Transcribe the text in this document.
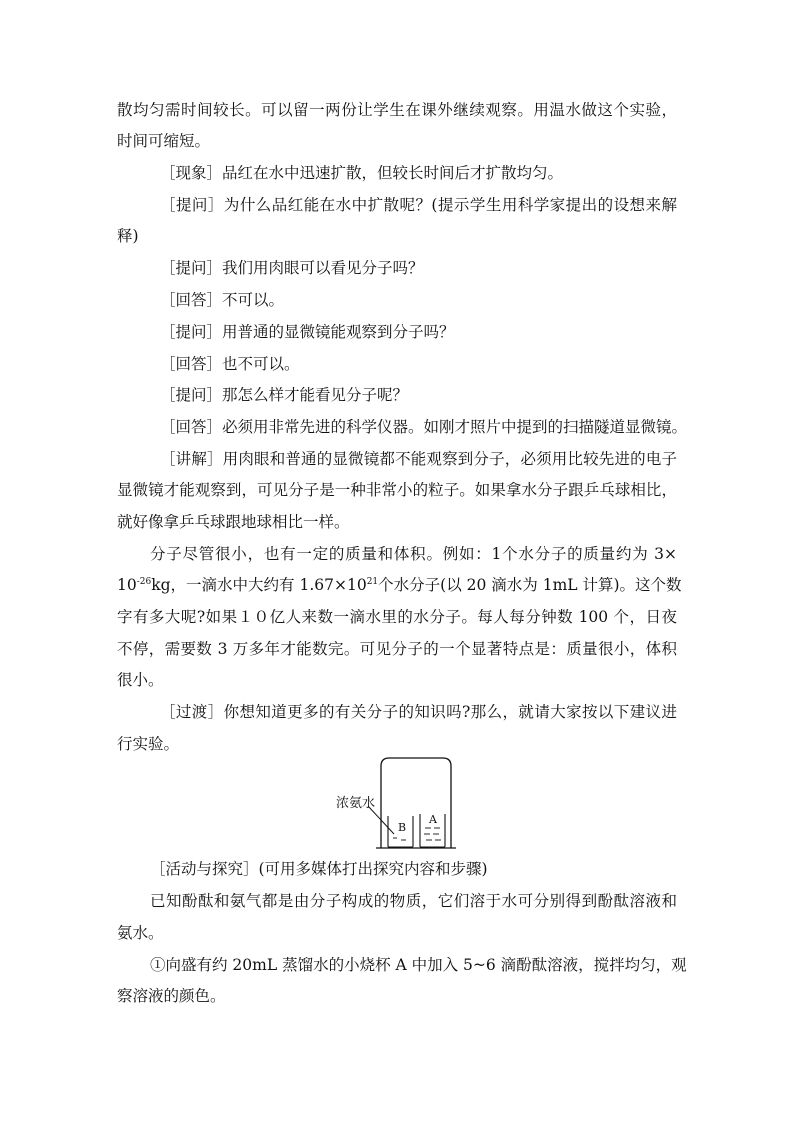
散均匀需时间较长。可以留一两份让学生在课外继续观察。用温水做这个实验，
时间可缩短。
［现象］品红在水中迅速扩散，但较长时间后才扩散均匀。
［提问］为什么品红能在水中扩散呢？(提示学生用科学家提出的设想来解
释)
［提问］我们用肉眼可以看见分子吗？
［回答］不可以。
［提问］用普通的显微镜能观察到分子吗？
［回答］也不可以。
［提问］那怎么样才能看见分子呢？
［回答］必须用非常先进的科学仪器。如刚才照片中提到的扫描隧道显微镜。
［讲解］用肉眼和普通的显微镜都不能观察到分子，必须用比较先进的电子
显微镜才能观察到，可见分子是一种非常小的粒子。如果拿水分子跟乒乓球相比，
就好像拿乒乓球跟地球相比一样。
分子尽管很小，也有一定的质量和体积。例如：1个水分子的质量约为 3×
$10^{-26}kg$，一滴水中大约有 $1.67\times 10^{21}$个水分子(以 20 滴水为 1mL 计算)。这个数
字有多大呢?如果１０亿人来数一滴水里的水分子。每人每分钟数 100 个，日夜
不停，需要数 3 万多年才能数完。可见分子的一个显著特点是：质量很小，体积
很小。
［过渡］你想知道更多的有关分子的知识吗?那么，就请大家按以下建议进
行实验。
浓氨水
B
A
［活动与探究］(可用多媒体打出探究内容和步骤)
已知酚酞和氨气都是由分子构成的物质，它们溶于水可分别得到酚酞溶液和
氨水。
①向盛有约 20mL 蒸馏水的小烧杯 A 中加入 5~6 滴酚酞溶液，搅拌均匀，观
察溶液的颜色。
